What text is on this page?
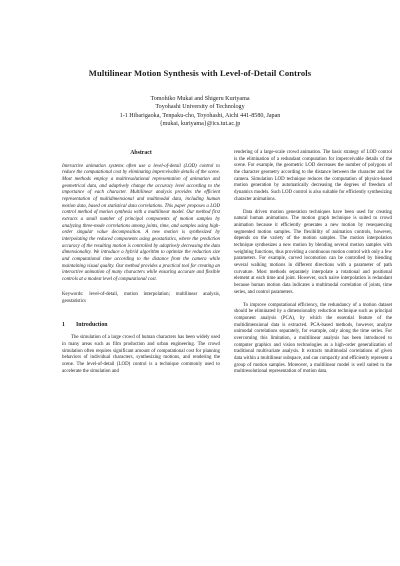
Multilinear Motion Synthesis with Level-of-Detail Controls
Tomohiko Mukai and Shigeru Kuriyama
Toyohashi University of Technology
1-1 Hibarigaoka, Tenpaku-cho, Toyohashi, Aichi 441-8580, Japan
{mukai, kuriyama}@ics.tut.ac.jp
Abstract

Interactive animation systems often use a level-of-detail (LOD) control to reduce the computational cost by eliminating imperceivable details of the scene. Most methods employ a multiresolutional representation of animation and geometrical data, and adaptively change the accuracy level according to the importance of each character. Multilinear analysis provides the efficient representation of multidimensional and multimodal data, including human motion data, based on statistical data correlations. This paper proposes a LOD control method of motion synthesis with a multilinear model. Our method first extracts a small number of principal components of motion samples by analyzing three-mode correlations among joints, time, and samples using high-order singular value decomposition. A new motion is synthesized by interpolating the reduced components using geostatistics, where the prediction accuracy of the resulting motion is controlled by adaptively decreasing the data dimensionality. We introduce a hybrid algorithm to optimize the reduction size and computational time according to the distance from the camera while maintaining visual quality. Our method provides a practical tool for creating an interactive animation of many characters while ensuring accurate and flexible controls at a modest level of computational cost.

Keywords: level-of-detail, motion interpolation; multilinear analysis, geostatistics

1 Introduction

The simulation of a large crowd of human characters has been widely used in many areas such as film production and urban engineering. The crowd simulation often requires significant amount of computational cost for planning behaviors of individual characters, synthesizing motions, and rendering the scene. The level-of-detail (LOD) control is a technique commonly used to accelerate the simulation and

rendering of a large-scale crowd animation. The basic strategy of LOD control is the elimination of a redundant computation for imperceivable details of the scene. For example, the geometric LOD decreases the number of polygons of the character geometry according to the distance between the character and the camera. Simulation LOD technique reduces the computation of physics-based motion generation by automatically decreasing the degrees of freedom of dynamics models. Such LOD control is also suitable for efficiently synthesizing character animations.

Data driven motion generation techniques have been used for creating natural human animations. The motion graph technique is suited to crowd animation because it efficiently generates a new motion by resequencing segmented motion samples. The flexibility of animation controls, however, depends on the variety of the motion samples. The motion interpolation technique synthesizes a new motion by blending several motion samples with weighting functions, thus providing a continuous motion control with only a few parameters. For example, curved locomotion can be controlled by blending several walking motions in different directions with a parameter of path curvature. Most methods separately interpolate a rotational and positional element at each time and joint. However, such naive interpolation is redundant because human motion data indicates a multimodal correlation of joints, time series, and control parameters.

To improve computational efficiency, the redundancy of a motion dataset should be eliminated by a dimensionality reduction technique such as principal component analysis (PCA), by which the essential feature of the multidimensional data is extracted. PCA-based methods, however, analyze unimodal correlations separately, for example, only along the time series. For overcoming this limitation, a multilinear analysis has been introduced to computer graphics and vision technologies as a high-order generalization of traditional multivariate analysis. It extracts multimodal correlations of given data within a multilinear subspace, and can compactly and efficiently represent a group of motion samples. Moreover, a multilinear model is well suited to the multiresolutional representation of motion data.
